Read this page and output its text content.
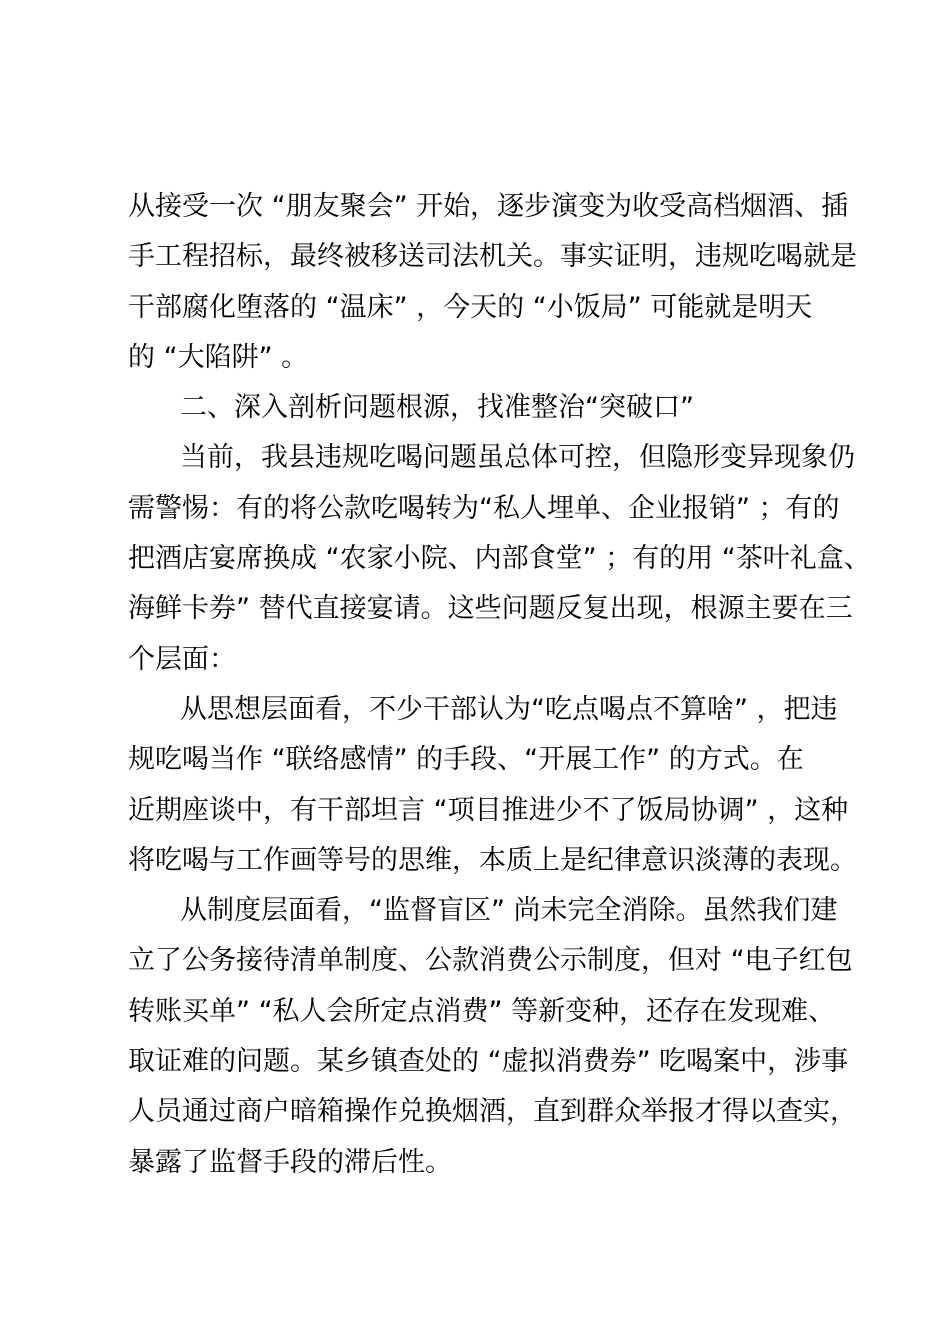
从接受一次 “朋友聚会” 开始，逐步演变为收受高档烟酒、插
手工程招标，最终被移送司法机关。事实证明，违规吃喝就是
干部腐化堕落的 “温床” ，今天的 “小饭局” 可能就是明天
的 “大陷阱” 。
二、深入剖析问题根源，找准整治“突破口”
当前，我县违规吃喝问题虽总体可控，但隐形变异现象仍
需警惕：有的将公款吃喝转为“私人埋单、企业报销” ；有的
把酒店宴席换成 “农家小院、内部食堂” ；有的用 “茶叶礼盒、
海鲜卡券” 替代直接宴请。这些问题反复出现，根源主要在三
个层面：
从思想层面看，不少干部认为“吃点喝点不算啥” ，把违
规吃喝当作 “联络感情” 的手段、“开展工作” 的方式。在
近期座谈中，有干部坦言 “项目推进少不了饭局协调” ，这种
将吃喝与工作画等号的思维，本质上是纪律意识淡薄的表现。
从制度层面看，“监督盲区” 尚未完全消除。虽然我们建
立了公务接待清单制度、公款消费公示制度，但对 “电子红包
转账买单” “私人会所定点消费” 等新变种，还存在发现难、
取证难的问题。某乡镇查处的 “虚拟消费券” 吃喝案中，涉事
人员通过商户暗箱操作兑换烟酒，直到群众举报才得以查实，
暴露了监督手段的滞后性。
